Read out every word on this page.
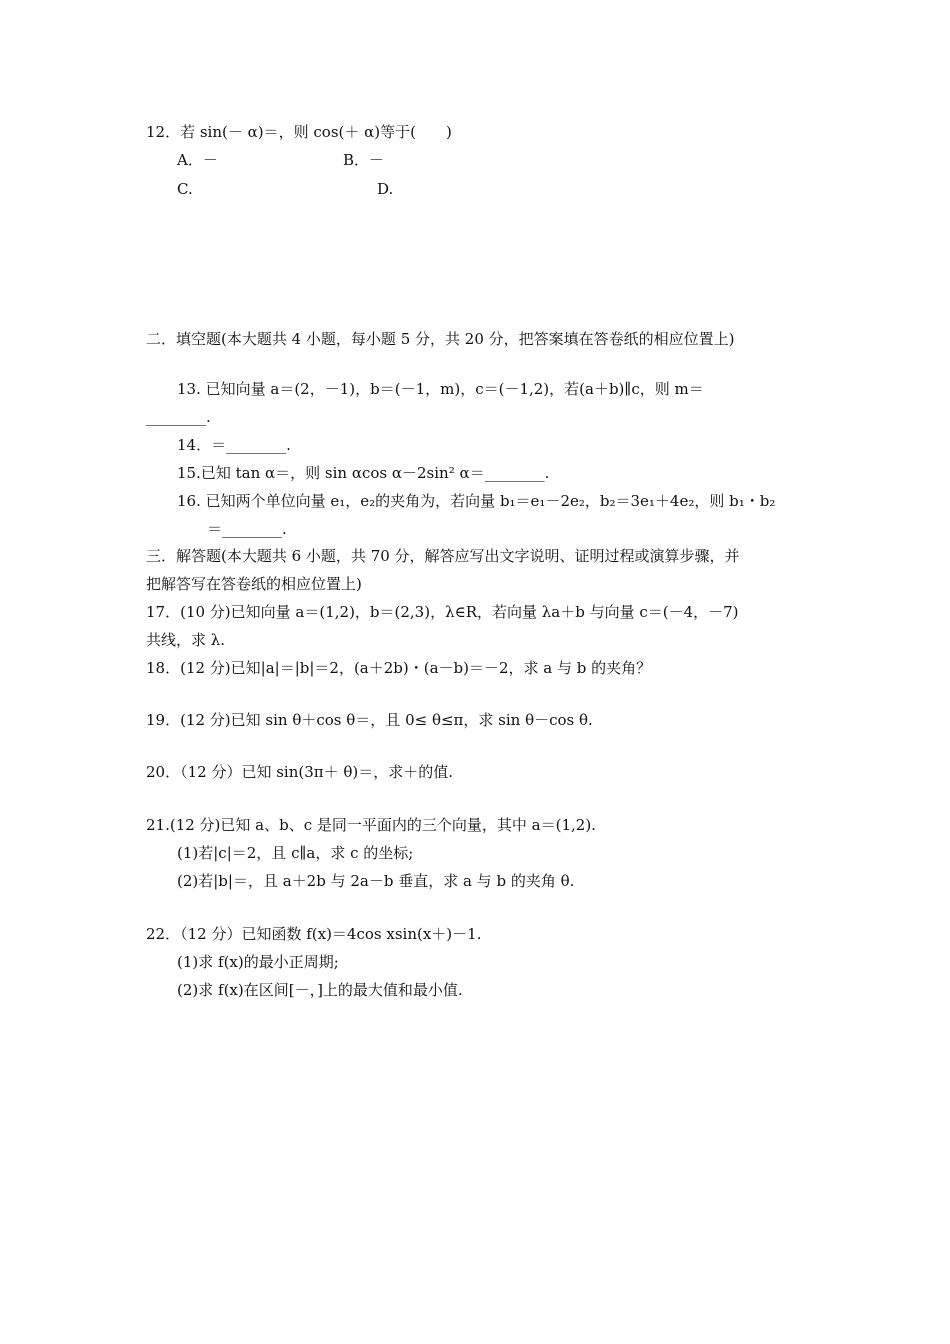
12．若 sin(－ α)＝，则 cos(＋ α)等于(　　)
A．－	B．－
C.	D.
二．填空题(本大题共 4 小题，每小题 5 分，共 20 分，把答案填在答卷纸的相应位置上)
13. 已知向量 a＝(2，－1)，b＝(－1，m)，c＝(－1,2)，若(a＋b)∥c，则 m＝
________.
14．＝________.
15.已知 tan α＝，则 sin αcos α－2sin² α＝________.
16. 已知两个单位向量 e₁，e₂的夹角为，若向量 b₁＝e₁－2e₂，b₂＝3e₁＋4e₂，则 b₁・b₂
＝________.
三．解答题(本大题共 6 小题，共 70 分，解答应写出文字说明、证明过程或演算步骤，并
把解答写在答卷纸的相应位置上)
17．(10 分)已知向量 a＝(1,2)，b＝(2,3)，λ∈R，若向量 λa＋b 与向量 c＝(－4，－7)
共线，求 λ.
18．(12 分)已知|a|＝|b|＝2，(a＋2b)・(a－b)＝－2，求 a 与 b 的夹角？
19．(12 分)已知 sin θ＋cos θ＝，且 0≤ θ≤π，求 sin θ－cos θ.
20．（12 分）已知 sin(3π＋ θ)＝，求＋的值.
21.(12 分)已知 a、b、c 是同一平面内的三个向量，其中 a＝(1,2).
(1)若|c|＝2，且 c∥a，求 c 的坐标;
(2)若|b|＝，且 a＋2b 与 2a－b 垂直，求 a 与 b 的夹角 θ.
22．（12 分）已知函数 f(x)＝4cos xsin(x＋)－1.
(1)求 f(x)的最小正周期;
(2)求 f(x)在区间[－，]上的最大值和最小值.
